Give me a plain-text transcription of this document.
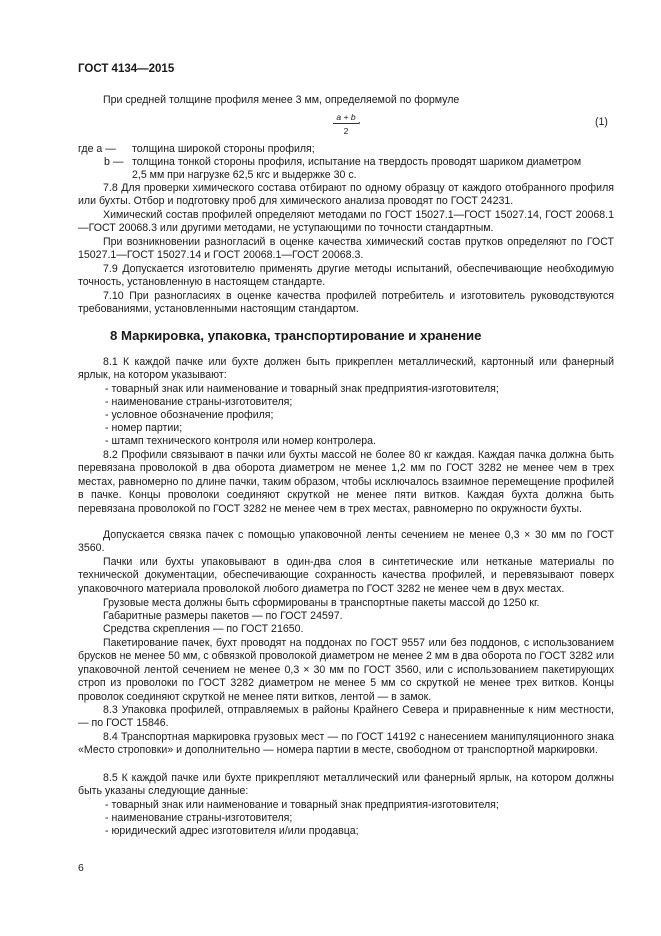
ГОСТ 4134—2015
При средней толщине профиля менее 3 мм, определяемой по формуле
a + b
2
,	(1)
где a — толщина широкой стороны профиля;
b — толщина тонкой стороны профиля, испытание на твердость проводят шариком диаметром
2,5 мм при нагрузке 62,5 кгс и выдержке 30 с.

7.8 Для проверки химического состава отбирают по одному образцу от каждого отобранного профиля или бухты. Отбор и подготовку проб для химического анализа проводят по ГОСТ 24231.

Химический состав профилей определяют методами по ГОСТ 15027.1—ГОСТ 15027.14, ГОСТ 20068.1—ГОСТ 20068.3 или другими методами, не уступающими по точности стандартным.

При возникновении разногласий в оценке качества химический состав прутков определяют по ГОСТ 15027.1—ГОСТ 15027.14 и ГОСТ 20068.1—ГОСТ 20068.3.

7.9 Допускается изготовителю применять другие методы испытаний, обеспечивающие необходимую точность, установленную в настоящем стандарте.

7.10 При разногласиях в оценке качества профилей потребитель и изготовитель руководствуются требованиями, установленными настоящим стандартом.

8 Маркировка, упаковка, транспортирование и хранение

8.1 К каждой пачке или бухте должен быть прикреплен металлический, картонный или фанерный ярлык, на котором указывают:

- товарный знак или наименование и товарный знак предприятия-изготовителя;
- наименование страны-изготовителя;
- условное обозначение профиля;
- номер партии;
- штамп технического контроля или номер контролера.

8.2 Профили связывают в пачки или бухты массой не более 80 кг каждая. Каждая пачка должна быть перевязана проволокой в два оборота диаметром не менее 1,2 мм по ГОСТ 3282 не менее чем в трех местах, равномерно по длине пачки, таким образом, чтобы исключалось взаимное перемещение профилей в пачке. Концы проволоки соединяют скруткой не менее пяти витков. Каждая бухта должна быть перевязана проволокой по ГОСТ 3282 не менее чем в трех местах, равномерно по окружности бухты.

Допускается связка пачек с помощью упаковочной ленты сечением не менее 0,3 × 30 мм по ГОСТ 3560.

Пачки или бухты упаковывают в один-два слоя в синтетические или нетканые материалы по технической документации, обеспечивающие сохранность качества профилей, и перевязывают поверх упаковочного материала проволокой любого диаметра по ГОСТ 3282 не менее чем в двух местах.

Грузовые места должны быть сформированы в транспортные пакеты массой до 1250 кг.
Габаритные размеры пакетов — по ГОСТ 24597.
Средства скрепления — по ГОСТ 21650.

Пакетирование пачек, бухт проводят на поддонах по ГОСТ 9557 или без поддонов, с использованием брусков не менее 50 мм, с обвязкой проволокой диаметром не менее 2 мм в два оборота по ГОСТ 3282 или упаковочной лентой сечением не менее 0,3 × 30 мм по ГОСТ 3560, или с использованием пакетирующих строп из проволоки по ГОСТ 3282 диаметром не менее 5 мм со скруткой не менее трех витков. Концы проволок соединяют скруткой не менее пяти витков, лентой — в замок.

8.3 Упаковка профилей, отправляемых в районы Крайнего Севера и приравненные к ним местности, — по ГОСТ 15846.

8.4 Транспортная маркировка грузовых мест — по ГОСТ 14192 с нанесением манипуляционного знака «Место строповки» и дополнительно — номера партии в месте, свободном от транспортной маркировки.

8.5 К каждой пачке или бухте прикрепляют металлический или фанерный ярлык, на котором должны быть указаны следующие данные:

- товарный знак или наименование и товарный знак предприятия-изготовителя;
- наименование страны-изготовителя;
- юридический адрес изготовителя и/или продавца;
6
